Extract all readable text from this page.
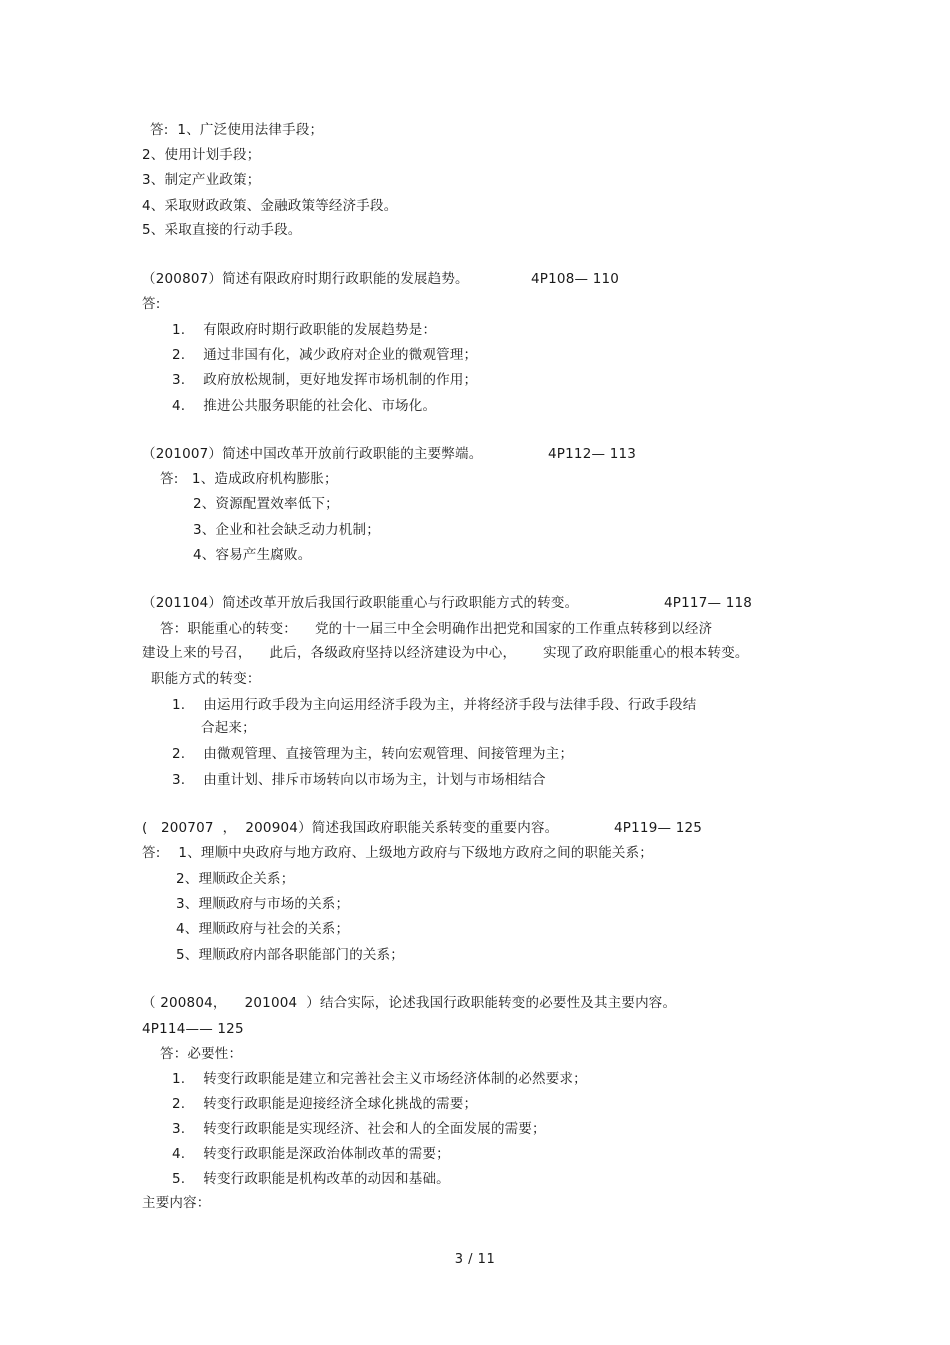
答:  1、广泛使用法律手段；
2、使用计划手段；
3、制定产业政策；
4、采取财政政策、金融政策等经济手段。
5、采取直接的行动手段。
（200807）简述有限政府时期行政职能的发展趋势。	4P108— 110
答:
1.    有限政府时期行政职能的发展趋势是：
2.    通过非国有化，减少政府对企业的微观管理；
3.    政府放松规制，更好地发挥市场机制的作用；
4.    推进公共服务职能的社会化、市场化。
（201007）简述中国改革开放前行政职能的主要弊端。	4P112— 113
答:   1、造成政府机构膨胀；
2、资源配置效率低下；
3、企业和社会缺乏动力机制；
4、容易产生腐败。
（201104）简述改革开放后我国行政职能重心与行政职能方式的转变。	4P117— 118
答：职能重心的转变：    党的十一届三中全会明确作出把党和国家的工作重点转移到以经济
建设上来的号召，    此后，各级政府坚持以经济建设为中心，      实现了政府职能重心的根本转变。
职能方式的转变：
1.    由运用行政手段为主向运用经济手段为主，并将经济手段与法律手段、行政手段结
合起来；
2.    由微观管理、直接管理为主，转向宏观管理、间接管理为主；
3.    由重计划、排斥市场转向以市场为主，计划与市场相结合
(   200707  ，  200904）简述我国政府职能关系转变的重要内容。	4P119— 125
答:    1、理顺中央政府与地方政府、上级地方政府与下级地方政府之间的职能关系；
2、理顺政企关系；
3、理顺政府与市场的关系；
4、理顺政府与社会的关系；
5、理顺政府内部各职能部门的关系；
（ 200804，    201004  ）结合实际，论述我国行政职能转变的必要性及其主要内容。
4P114—— 125
答：必要性：
1.    转变行政职能是建立和完善社会主义市场经济体制的必然要求；
2.    转变行政职能是迎接经济全球化挑战的需要；
3.    转变行政职能是实现经济、社会和人的全面发展的需要；
4.    转变行政职能是深政治体制改革的需要；
5.    转变行政职能是机构改革的动因和基础。
主要内容：
3 / 11
